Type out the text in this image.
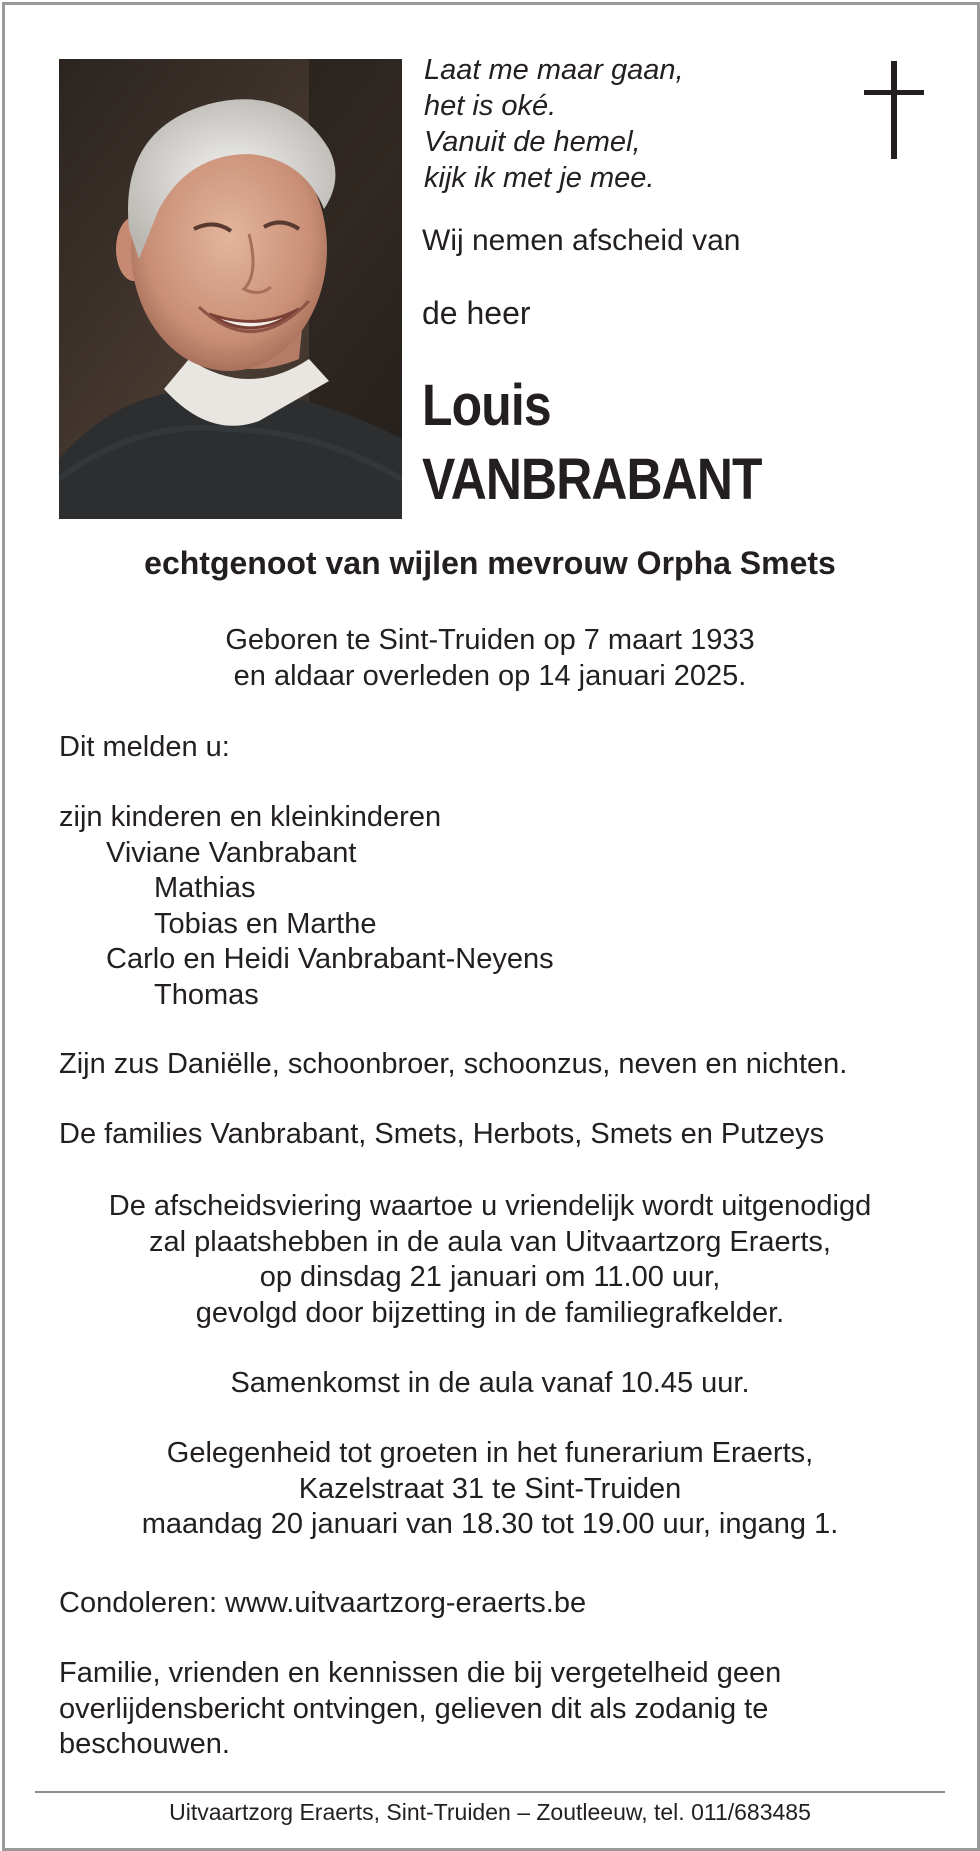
Laat me maar gaan,
het is oké.
Vanuit de hemel,
kijk ik met je mee.
Wij nemen afscheid van
de heer
Louis
VANBRABANT
echtgenoot van wijlen mevrouw Orpha Smets
Geboren te Sint-Truiden op 7 maart 1933
en aldaar overleden op 14 januari 2025.
Dit melden u:
zijn kinderen en kleinkinderen
Viviane Vanbrabant
Mathias
Tobias en Marthe
Carlo en Heidi Vanbrabant-Neyens
Thomas
Zijn zus Daniëlle, schoonbroer, schoonzus, neven en nichten.
De families Vanbrabant, Smets, Herbots, Smets en Putzeys
De afscheidsviering waartoe u vriendelijk wordt uitgenodigd
zal plaatshebben in de aula van Uitvaartzorg Eraerts,
op dinsdag 21 januari om 11.00 uur,
gevolgd door bijzetting in de familiegrafkelder.
Samenkomst in de aula vanaf 10.45 uur.
Gelegenheid tot groeten in het funerarium Eraerts,
Kazelstraat 31 te Sint-Truiden
maandag 20 januari van 18.30 tot 19.00 uur, ingang 1.
Condoleren: www.uitvaartzorg-eraerts.be
Familie, vrienden en kennissen die bij vergetelheid geen
overlijdensbericht ontvingen, gelieven dit als zodanig te
beschouwen.
Uitvaartzorg Eraerts, Sint-Truiden – Zoutleeuw, tel. 011/683485
